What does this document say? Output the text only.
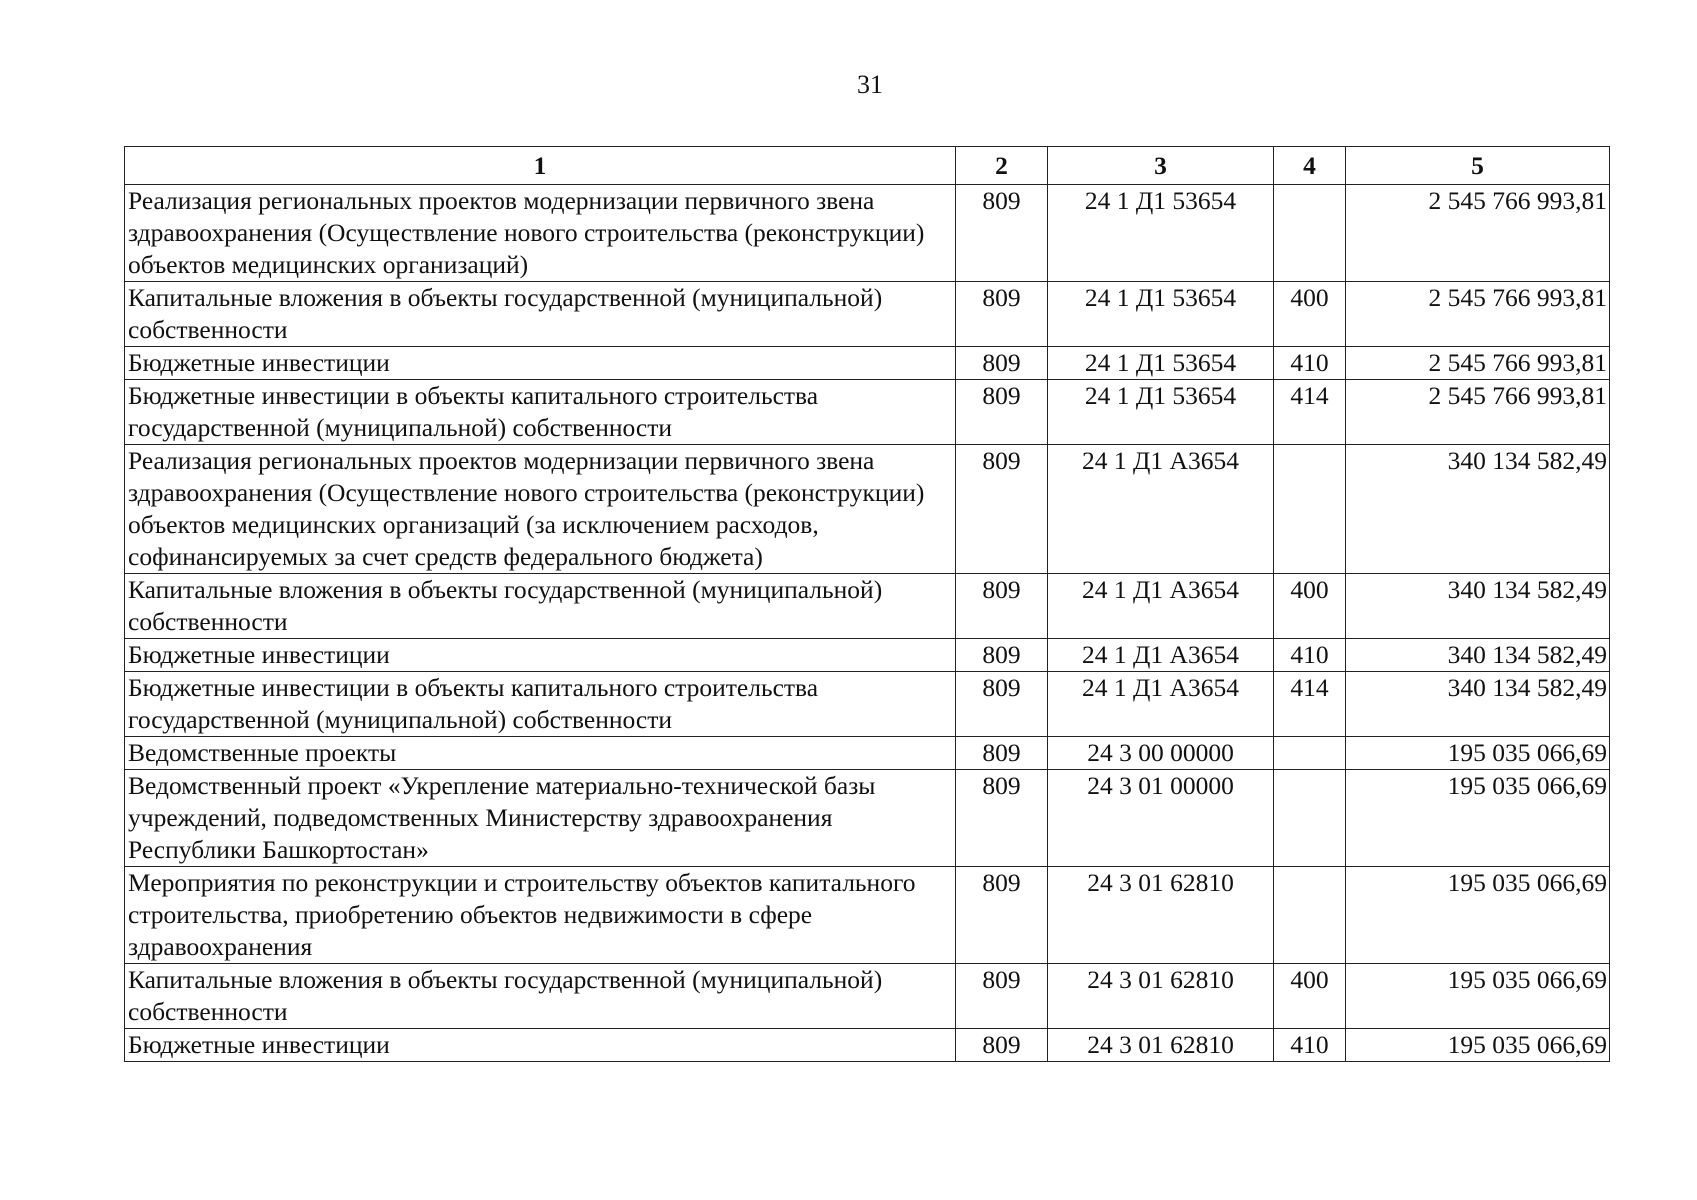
31
1	2	3	4	5
Реализация региональных проектов модернизации первичного звена здравоохранения (Осуществление нового строительства (реконструкции) объектов медицинских организаций)	809	24 1 Д1 53654		2 545 766 993,81
Капитальные вложения в объекты государственной (муниципальной) собственности	809	24 1 Д1 53654	400	2 545 766 993,81
Бюджетные инвестиции	809	24 1 Д1 53654	410	2 545 766 993,81
Бюджетные инвестиции в объекты капитального строительства государственной (муниципальной) собственности	809	24 1 Д1 53654	414	2 545 766 993,81
Реализация региональных проектов модернизации первичного звена здравоохранения (Осуществление нового строительства (реконструкции) объектов медицинских организаций (за исключением расходов, софинансируемых за счет средств федерального бюджета)	809	24 1 Д1 А3654		340 134 582,49
Капитальные вложения в объекты государственной (муниципальной) собственности	809	24 1 Д1 А3654	400	340 134 582,49
Бюджетные инвестиции	809	24 1 Д1 А3654	410	340 134 582,49
Бюджетные инвестиции в объекты капитального строительства государственной (муниципальной) собственности	809	24 1 Д1 А3654	414	340 134 582,49
Ведомственные проекты	809	24 3 00 00000		195 035 066,69
Ведомственный проект «Укрепление материально-технической базы учреждений, подведомственных Министерству здравоохранения Республики Башкортостан»	809	24 3 01 00000		195 035 066,69
Мероприятия по реконструкции и строительству объектов капитального строительства, приобретению объектов недвижимости в сфере здравоохранения	809	24 3 01 62810		195 035 066,69
Капитальные вложения в объекты государственной (муниципальной) собственности	809	24 3 01 62810	400	195 035 066,69
Бюджетные инвестиции	809	24 3 01 62810	410	195 035 066,69
